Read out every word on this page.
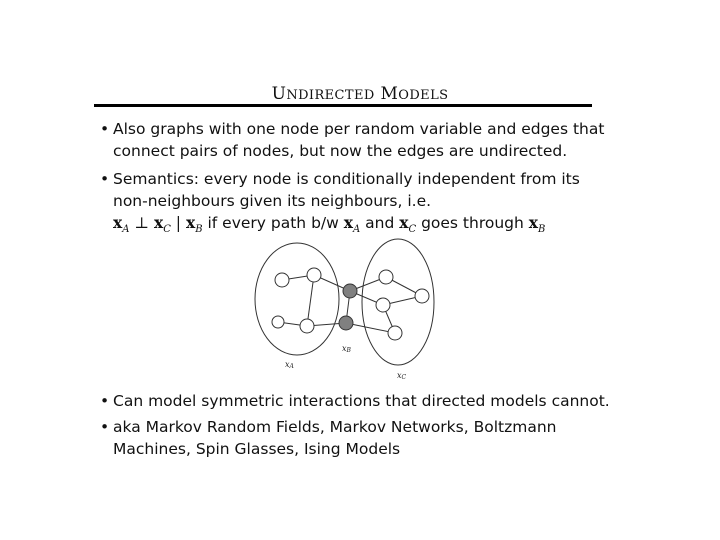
UNDIRECTED MODELS
• Also graphs with one node per random variable and edges that
connect pairs of nodes, but now the edges are undirected.
• Semantics: every node is conditionally independent from its
non-neighbours given its neighbours, i.e.
$x_A$ ⊥ $x_C$ | $x_B$ if every path b/w $x_A$ and $x_C$ goes through $x_B$
xB
xA
xC
• Can model symmetric interactions that directed models cannot.
• aka Markov Random Fields, Markov Networks, Boltzmann
Machines, Spin Glasses, Ising Models
